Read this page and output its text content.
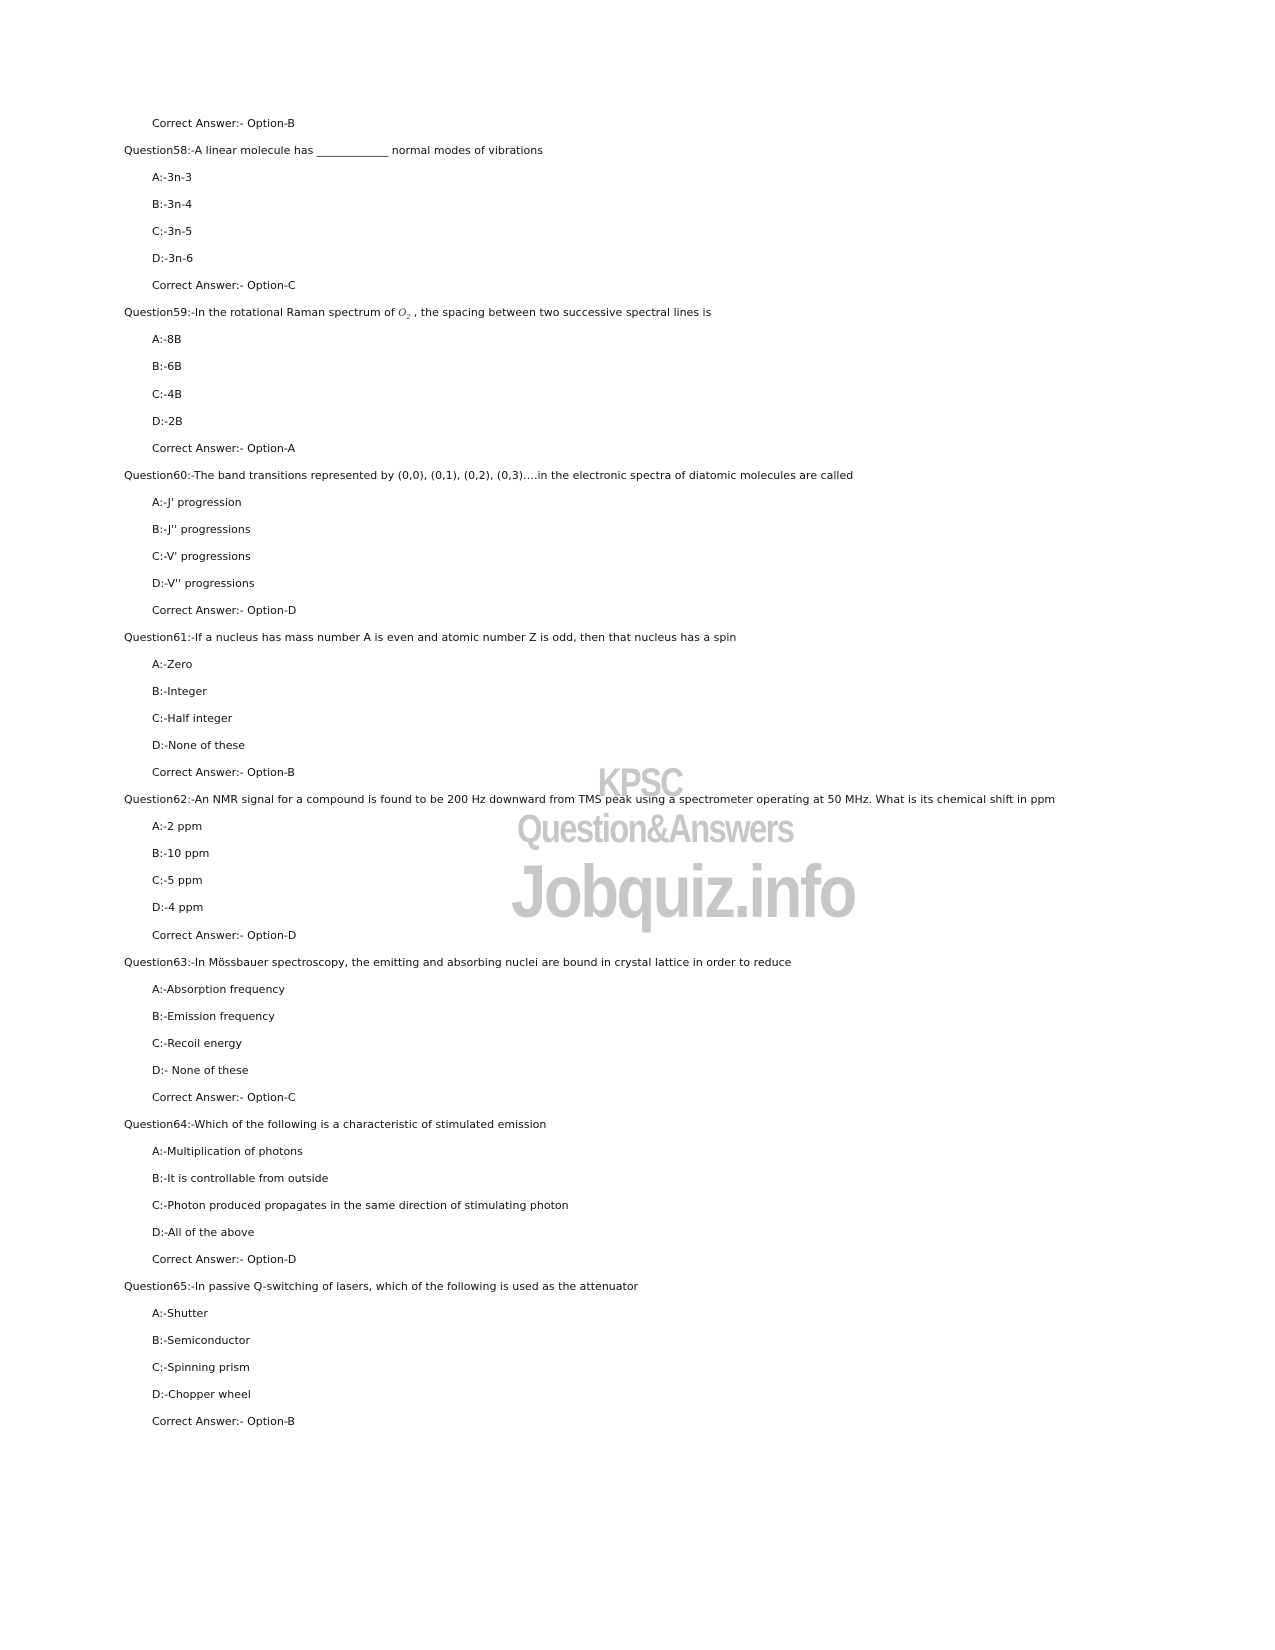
Correct Answer:- Option-B
Question58:-A linear molecule has _____________ normal modes of vibrations
A:-3n-3
B:-3n-4
C:-3n-5
D:-3n-6
Correct Answer:- Option-C
Question59:-In the rotational Raman spectrum of $O_2$ , the spacing between two successive spectral lines is
A:-8B
B:-6B
C:-4B
D:-2B
Correct Answer:- Option-A
Question60:-The band transitions represented by (0,0), (0,1), (0,2), (0,3)….in the electronic spectra of diatomic molecules are called
A:-J' progression
B:-J'' progressions
C:-V' progressions
D:-V'' progressions
Correct Answer:- Option-D
Question61:-If a nucleus has mass number A is even and atomic number Z is odd, then that nucleus has a spin
A:-Zero
B:-Integer
C:-Half integer
D:-None of these
Correct Answer:- Option-B
Question62:-An NMR signal for a compound is found to be 200 Hz downward from TMS peak using a spectrometer operating at 50 MHz. What is its chemical shift in ppm
A:-2 ppm
B:-10 ppm
C:-5 ppm
D:-4 ppm
Correct Answer:- Option-D
Question63:-In Mössbauer spectroscopy, the emitting and absorbing nuclei are bound in crystal lattice in order to reduce
A:-Absorption frequency
B:-Emission frequency
C:-Recoil energy
D:- None of these
Correct Answer:- Option-C
Question64:-Which of the following is a characteristic of stimulated emission
A:-Multiplication of photons
B:-It is controllable from outside
C:-Photon produced propagates in the same direction of stimulating photon
D:-All of the above
Correct Answer:- Option-D
Question65:-In passive Q-switching of lasers, which of the following is used as the attenuator
A:-Shutter
B:-Semiconductor
C:-Spinning prism
D:-Chopper wheel
Correct Answer:- Option-B
KPSC Question&Answers
Jobquiz.info
